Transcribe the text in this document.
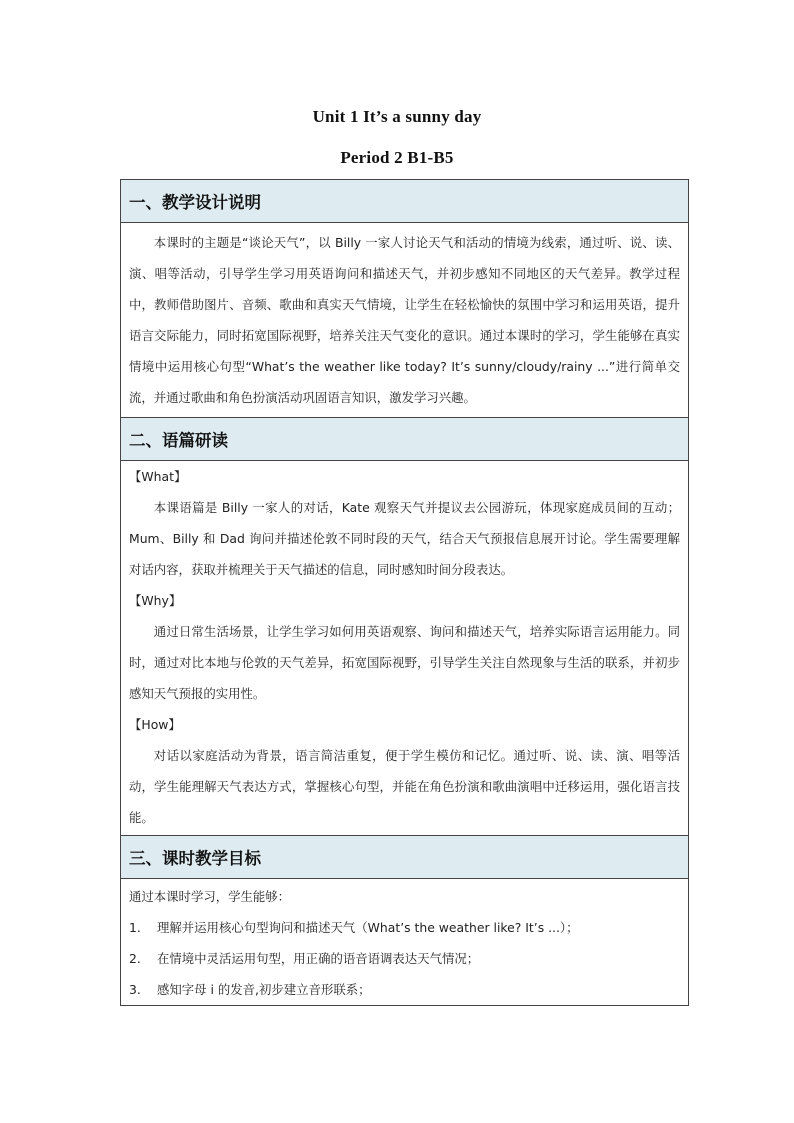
Unit 1 It’s a sunny day
Period 2 B1-B5
一、教学设计说明

本课时的主题是“谈论天气”，以 Billy 一家人讨论天气和活动的情境为线索，通过听、说、读、演、唱等活动，引导学生学习用英语询问和描述天气，并初步感知不同地区的天气差异。教学过程中，教师借助图片、音频、歌曲和真实天气情境，让学生在轻松愉快的氛围中学习和运用英语，提升语言交际能力，同时拓宽国际视野，培养关注天气变化的意识。通过本课时的学习，学生能够在真实情境中运用核心句型“What’s the weather like today? It’s sunny/cloudy/rainy ...”进行简单交流，并通过歌曲和角色扮演活动巩固语言知识，激发学习兴趣。

二、语篇研读

【What】

本课语篇是 Billy 一家人的对话，Kate 观察天气并提议去公园游玩，体现家庭成员间的互动；Mum、Billy 和 Dad 询问并描述伦敦不同时段的天气，结合天气预报信息展开讨论。学生需要理解对话内容，获取并梳理关于天气描述的信息，同时感知时间分段表达。

【Why】

通过日常生活场景，让学生学习如何用英语观察、询问和描述天气，培养实际语言运用能力。同时，通过对比本地与伦敦的天气差异，拓宽国际视野，引导学生关注自然现象与生活的联系，并初步感知天气预报的实用性。

【How】

对话以家庭活动为背景，语言简洁重复，便于学生模仿和记忆。通过听、说、读、演、唱等活动，学生能理解天气表达方式，掌握核心句型，并能在角色扮演和歌曲演唱中迁移运用，强化语言技能。

三、课时教学目标

通过本课时学习，学生能够：

1.	理解并运用核心句型询问和描述天气（What’s the weather like? It’s ...）；
2.	在情境中灵活运用句型，用正确的语音语调表达天气情况；
3.	感知字母 i 的发音,初步建立音形联系；
